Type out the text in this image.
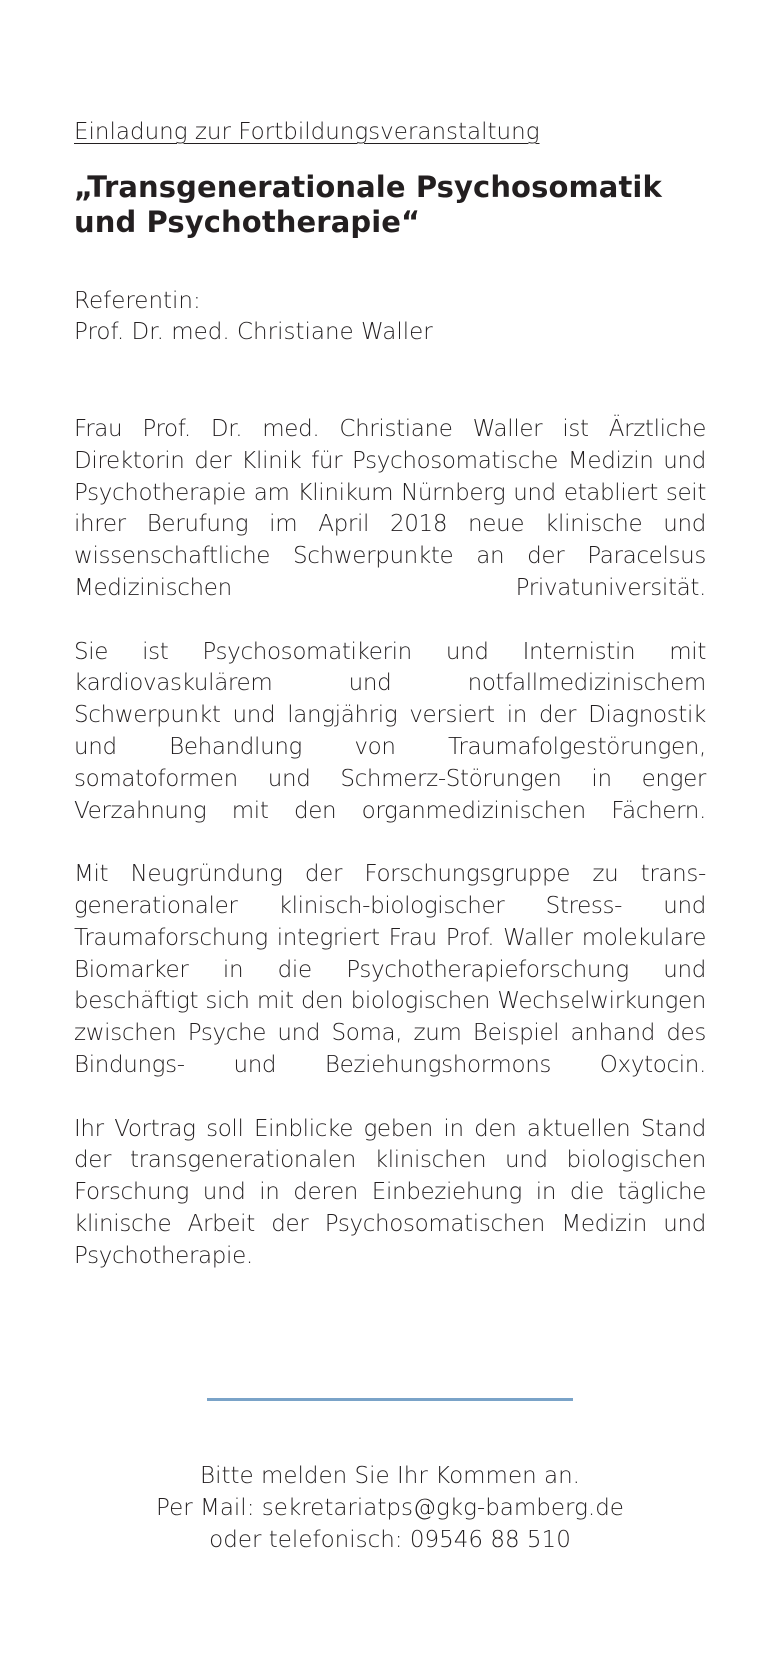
Einladung zur Fortbildungsveranstaltung
„Transgenerationale Psychosomatik und Psychotherapie“
Referentin:
Prof. Dr. med. Christiane Waller

Frau Prof. Dr. med. Christiane Waller ist Ärztliche Direktorin der Klinik für Psychosomatische Medizin und Psychotherapie am Klinikum Nürnberg und etabliert seit ihrer Berufung im April 2018 neue klinische und wissenschaftliche Schwerpunkte an der Paracelsus Medizinischen Privatuniversität.

Sie ist Psychosomatikerin und Internistin mit kardiovaskulärem und notfallmedizinischem Schwerpunkt und langjährig versiert in der Diagnostik und Behandlung von Traumafolgestörungen, somatoformen und Schmerz-Störungen in enger Verzahnung mit den organmedizinischen Fächern.

Mit Neugründung der Forschungsgruppe zu trans-generationaler klinisch-biologischer Stress- und Traumaforschung integriert Frau Prof. Waller molekulare Biomarker in die Psychotherapieforschung und beschäftigt sich mit den biologischen Wechselwirkungen zwischen Psyche und Soma, zum Beispiel anhand des Bindungs- und Beziehungshormons Oxytocin.

Ihr Vortrag soll Einblicke geben in den aktuellen Stand der transgenerationalen klinischen und biologischen Forschung und in deren Einbeziehung in die tägliche klinische Arbeit der Psychosomatischen Medizin und Psychotherapie.

Bitte melden Sie Ihr Kommen an.
Per Mail: sekretariatps@gkg-bamberg.de
oder telefonisch: 09546 88 510
